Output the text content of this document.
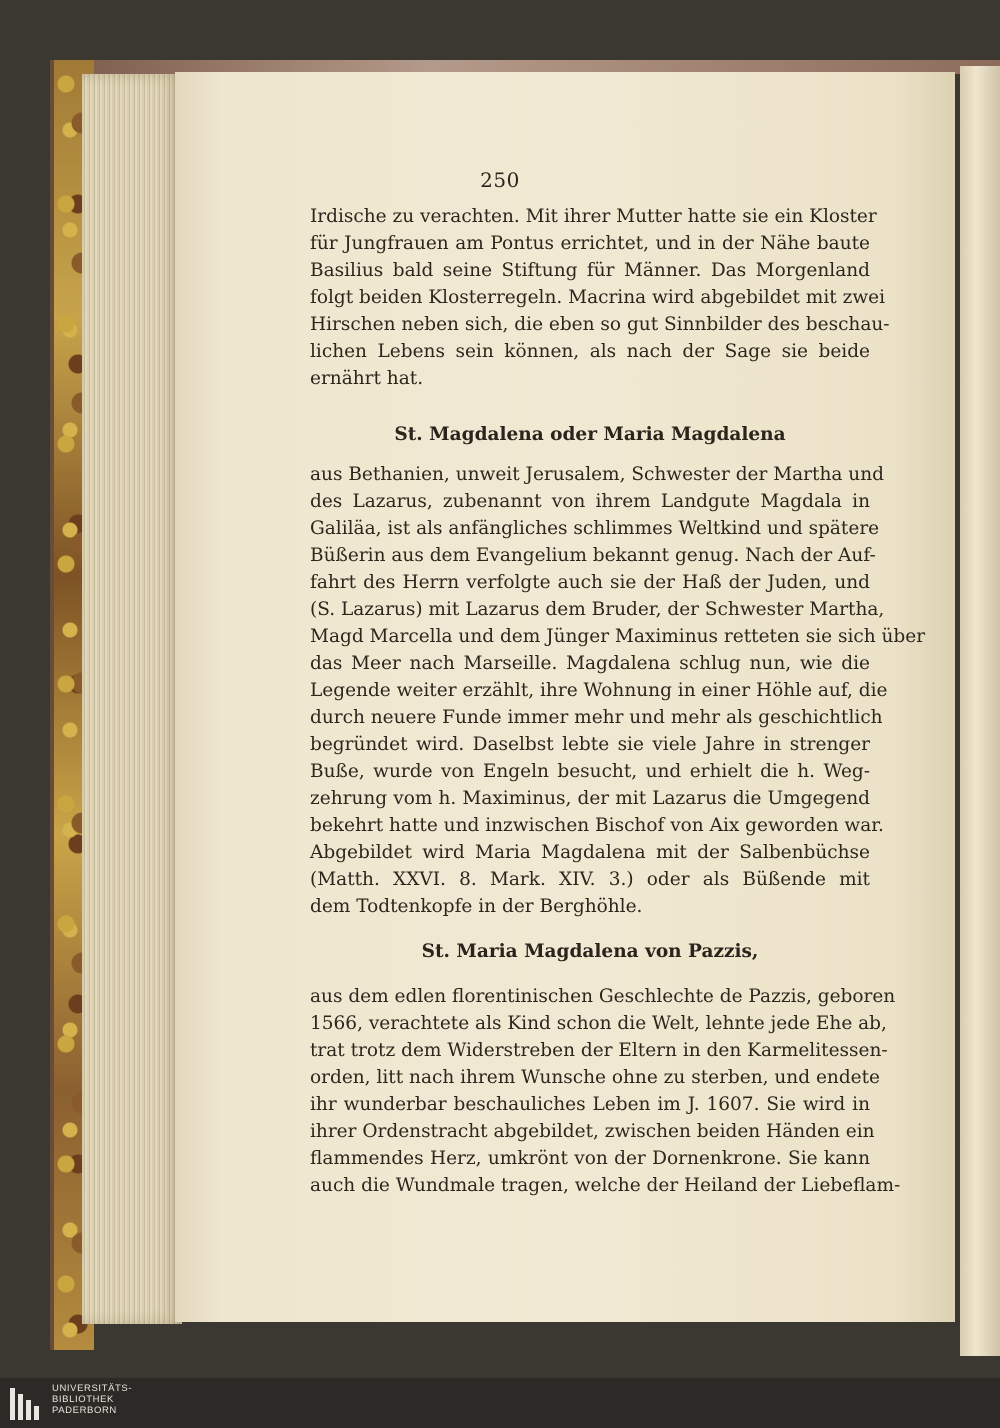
250

Irdische zu verachten. Mit ihrer Mutter hatte sie ein Kloster
für Jungfrauen am Pontus errichtet, und in der Nähe baute
Basilius bald seine Stiftung für Männer. Das Morgenland
folgt beiden Klosterregeln. Macrina wird abgebildet mit zwei
Hirschen neben sich, die eben so gut Sinnbilder des beschau-
lichen Lebens sein können, als nach der Sage sie beide
ernährt hat.

St. Magdalena oder Maria Magdalena

aus Bethanien, unweit Jerusalem, Schwester der Martha und
des Lazarus, zubenannt von ihrem Landgute Magdala in
Galiläa, ist als anfängliches schlimmes Weltkind und spätere
Büßerin aus dem Evangelium bekannt genug. Nach der Auf-
fahrt des Herrn verfolgte auch sie der Haß der Juden, und
(S. Lazarus) mit Lazarus dem Bruder, der Schwester Martha,
Magd Marcella und dem Jünger Maximinus retteten sie sich über
das Meer nach Marseille. Magdalena schlug nun, wie die
Legende weiter erzählt, ihre Wohnung in einer Höhle auf, die
durch neuere Funde immer mehr und mehr als geschichtlich
begründet wird. Daselbst lebte sie viele Jahre in strenger
Buße, wurde von Engeln besucht, und erhielt die h. Weg-
zehrung vom h. Maximinus, der mit Lazarus die Umgegend
bekehrt hatte und inzwischen Bischof von Aix geworden war.
Abgebildet wird Maria Magdalena mit der Salbenbüchse
(Matth. XXVI. 8. Mark. XIV. 3.) oder als Büßende mit
dem Todtenkopfe in der Berghöhle.

St. Maria Magdalena von Pazzis,

aus dem edlen florentinischen Geschlechte de Pazzis, geboren
1566, verachtete als Kind schon die Welt, lehnte jede Ehe ab,
trat trotz dem Widerstreben der Eltern in den Karmelitessen-
orden, litt nach ihrem Wunsche ohne zu sterben, und endete
ihr wunderbar beschauliches Leben im J. 1607. Sie wird in
ihrer Ordenstracht abgebildet, zwischen beiden Händen ein
flammendes Herz, umkrönt von der Dornenkrone. Sie kann
auch die Wundmale tragen, welche der Heiland der Liebeflam-

UNIVERSITÄTS-
BIBLIOTHEK
PADERBORN
